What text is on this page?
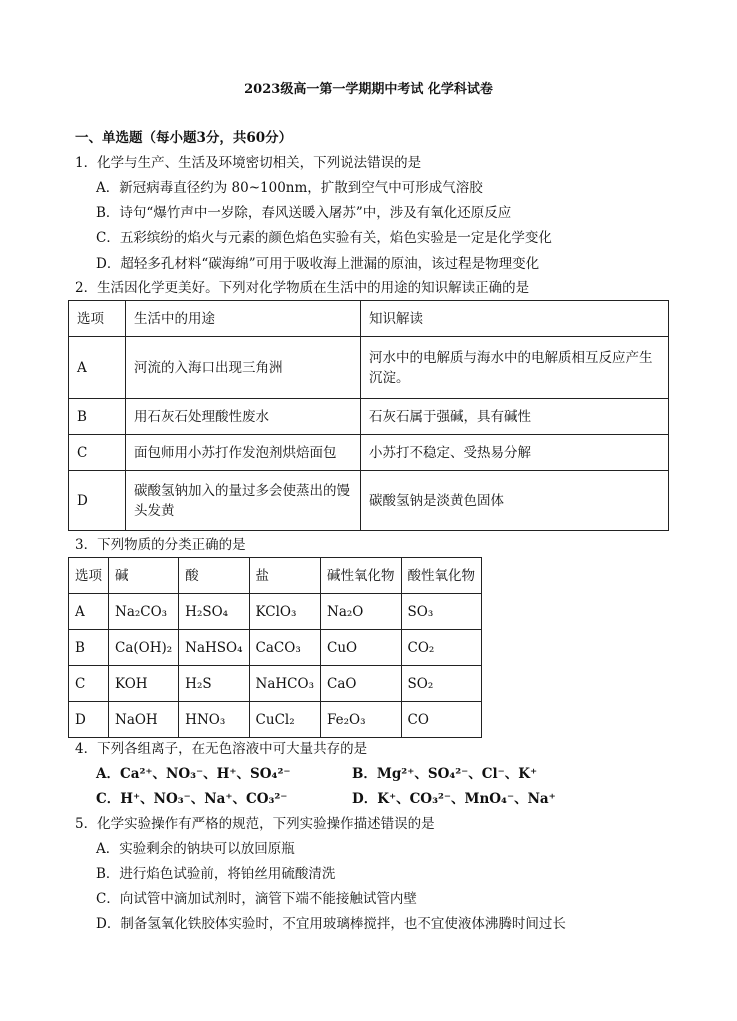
2023级高一第一学期期中考试 化学科试卷
一、单选题（每小题3分，共60分）
1．化学与生产、生活及环境密切相关，下列说法错误的是
A．新冠病毒直径约为 80~100nm，扩散到空气中可形成气溶胶
B．诗句“爆竹声中一岁除，春风送暖入屠苏”中，涉及有氧化还原反应
C．五彩缤纷的焰火与元素的颜色焰色实验有关，焰色实验是一定是化学变化
D．超轻多孔材料“碳海绵”可用于吸收海上泄漏的原油，该过程是物理变化
2．生活因化学更美好。下列对化学物质在生活中的用途的知识解读正确的是
选项	生活中的用途	知识解读
A	河流的入海口出现三角洲	河水中的电解质与海水中的电解质相互反应产生沉淀。
B	用石灰石处理酸性废水	石灰石属于强碱，具有碱性
C	面包师用小苏打作发泡剂烘焙面包	小苏打不稳定、受热易分解
D	碳酸氢钠加入的量过多会使蒸出的馒头发黄	碳酸氢钠是淡黄色固体
3．下列物质的分类正确的是
选项	碱	酸	盐	碱性氧化物	酸性氧化物
A	Na₂CO₃	H₂SO₄	KClO₃	Na₂O	SO₃
B	Ca(OH)₂	NaHSO₄	CaCO₃	CuO	CO₂
C	KOH	H₂S	NaHCO₃	CaO	SO₂
D	NaOH	HNO₃	CuCl₂	Fe₂O₃	CO
4．下列各组离子，在无色溶液中可大量共存的是
A．Ca²⁺、NO₃⁻、H⁺、SO₄²⁻	B．Mg²⁺、SO₄²⁻、Cl⁻、K⁺
C．H⁺、NO₃⁻、Na⁺、CO₃²⁻	D．K⁺、CO₃²⁻、MnO₄⁻、Na⁺
5．化学实验操作有严格的规范，下列实验操作描述错误的是
A．实验剩余的钠块可以放回原瓶
B．进行焰色试验前，将铂丝用硫酸清洗
C．向试管中滴加试剂时，滴管下端不能接触试管内壁
D．制备氢氧化铁胶体实验时，不宜用玻璃棒搅拌，也不宜使液体沸腾时间过长
